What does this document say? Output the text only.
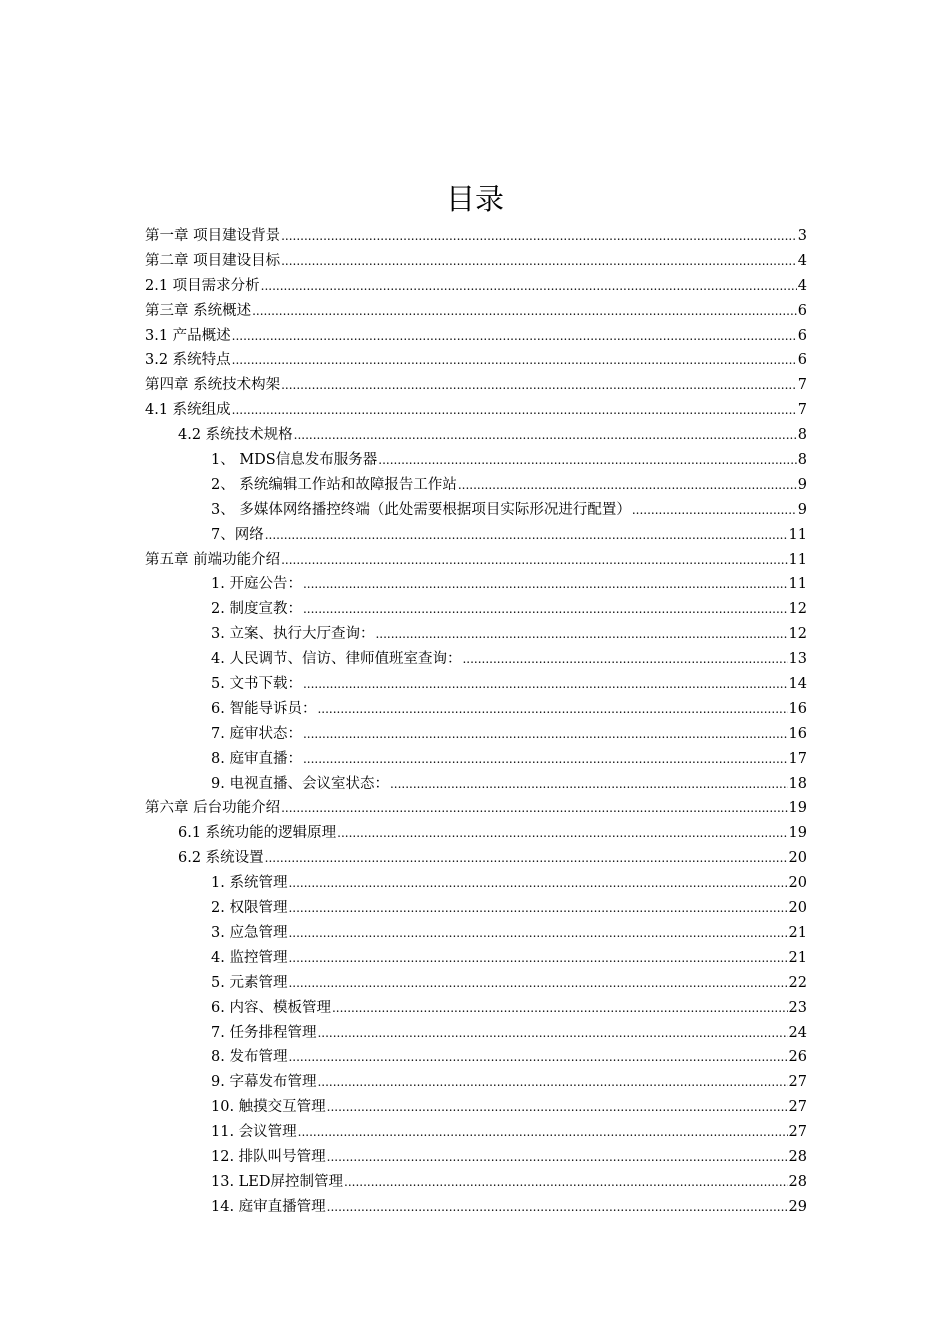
目录
第一章 项目建设背景 .....	3
第二章 项目建设目标 .....	4
2.1 项目需求分析 .....	4
第三章 系统概述 .....	6
3.1 产品概述 .....	6
3.2 系统特点 .....	6
第四章 系统技术构架 .....	7
4.1 系统组成 .....	7
4.2 系统技术规格 .....	8
1、 MDS信息发布服务器 .....	8
2、 系统编辑工作站和故障报告工作站 .....	9
3、 多媒体网络播控终端（此处需要根据项目实际形况进行配置） .....	9
7、网络 .....	11
第五章 前端功能介绍 .....	11
1. 开庭公告： .....	11
2. 制度宣教： .....	12
3. 立案、执行大厅查询： .....	12
4. 人民调节、信访、律师值班室查询： .....	13
5. 文书下载： .....	14
6. 智能导诉员： .....	16
7. 庭审状态： .....	16
8. 庭审直播： .....	17
9. 电视直播、会议室状态： .....	18
第六章 后台功能介绍 .....	19
6.1 系统功能的逻辑原理 .....	19
6.2 系统设置 .....	20
1. 系统管理 .....	20
2. 权限管理 .....	20
3. 应急管理 .....	21
4. 监控管理 .....	21
5. 元素管理 .....	22
6. 内容、模板管理 .....	23
7. 任务排程管理 .....	24
8. 发布管理 .....	26
9. 字幕发布管理 .....	27
10. 触摸交互管理 .....	27
11. 会议管理 .....	27
12. 排队叫号管理 .....	28
13. LED屏控制管理 .....	28
14. 庭审直播管理 .....	29
